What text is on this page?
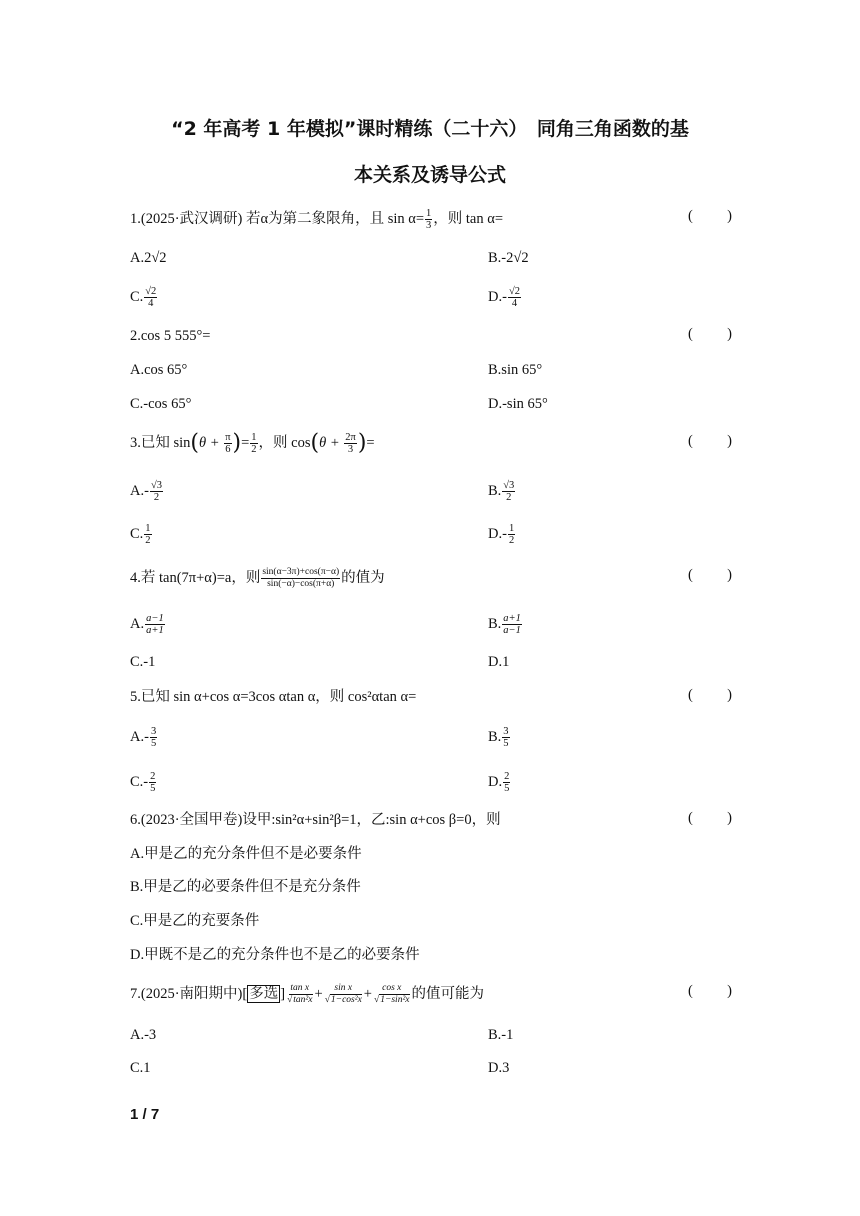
“2 年高考 1 年模拟”课时精练（二十六）　同角三角函数的基
本关系及诱导公式
1.(2025·武汉调研) 若α为第二象限角，且 $\sin \alpha= \frac{1}{3}$ ，则 tan α=	( )
A.2√2	B.-2√2
C. $\frac{√2}{4}$	$D.- \frac{√2}{4}$
2.cos 5 555°=	( )
A.cos 65°	B.sin 65°
C.-cos 65°	D.-sin 65°
3.已知 $\sin(\theta + \frac{\pi}{6}$ )= $\frac{1}{2}$ ，则 $\cos(\theta + \frac{2\pi}{3}$ )=	( )
$A.- \frac{√3}{2}$	B. $\frac{√3}{2}$
C. $\frac{1}{2}$	$D.- \frac{1}{2}$
4.若 tan(7π+α)=a，则 $\frac{\sin(\alpha-3\pi)+\cos(\pi-\alpha)}{\sin(-\alpha)-\cos(\pi+\alpha)}$ 的值为	( )
A. $\frac{a-1}{a+1}$	B. $\frac{a+1}{a-1}$
C.-1	D.1
5.已知 sin α+cos α=3cos αtan α，则 cos²αtan α=	( )
$A.- \frac{3}{5}$	B. $\frac{3}{5}$
$C.- \frac{2}{5}$	D. $\frac{2}{5}$
6.(2023·全国甲卷)设甲:sin²α+sin²β=1，乙:sin α+cos β=0，则	( )
A.甲是乙的充分条件但不是必要条件
B.甲是乙的必要条件但不是充分条件
C.甲是乙的充要条件
D.甲既不是乙的充分条件也不是乙的必要条件
7.(2025·南阳期中)[ 多选 ] $\frac{\text{tan x}}{\text{√tan²x}} + \frac{\text{sin x}}{\text{√1−cos²x}} + \frac{\text{cos x}}{\text{√1−sin²x}}$ 的值可能为	( )
A.-3	B.-1
C.1	D.3
1 / 7
